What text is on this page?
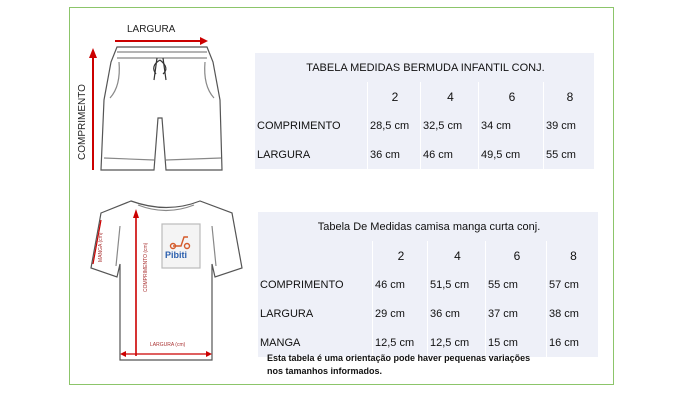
LARGURA
COMPRIMENTO
MANGA (cm)	COMPRIMENTO (cm)
LARGURA (cm)
Pibiti
TABELA MEDIDAS BERMUDA INFANTIL CONJ.				
	2	4	6	8
COMPRIMENTO	28,5 cm	32,5 cm	34 cm	39 cm
LARGURA	36 cm	46 cm	49,5 cm	55 cm
Tabela De Medidas camisa manga curta conj.				
	2	4	6	8
COMPRIMENTO	46 cm	51,5 cm	55 cm	57 cm
LARGURA	29 cm	36 cm	37 cm	38 cm
MANGA	12,5 cm	12,5 cm	15 cm	16 cm
Esta tabela é uma orientação pode haver pequenas variações
nos tamanhos informados.
